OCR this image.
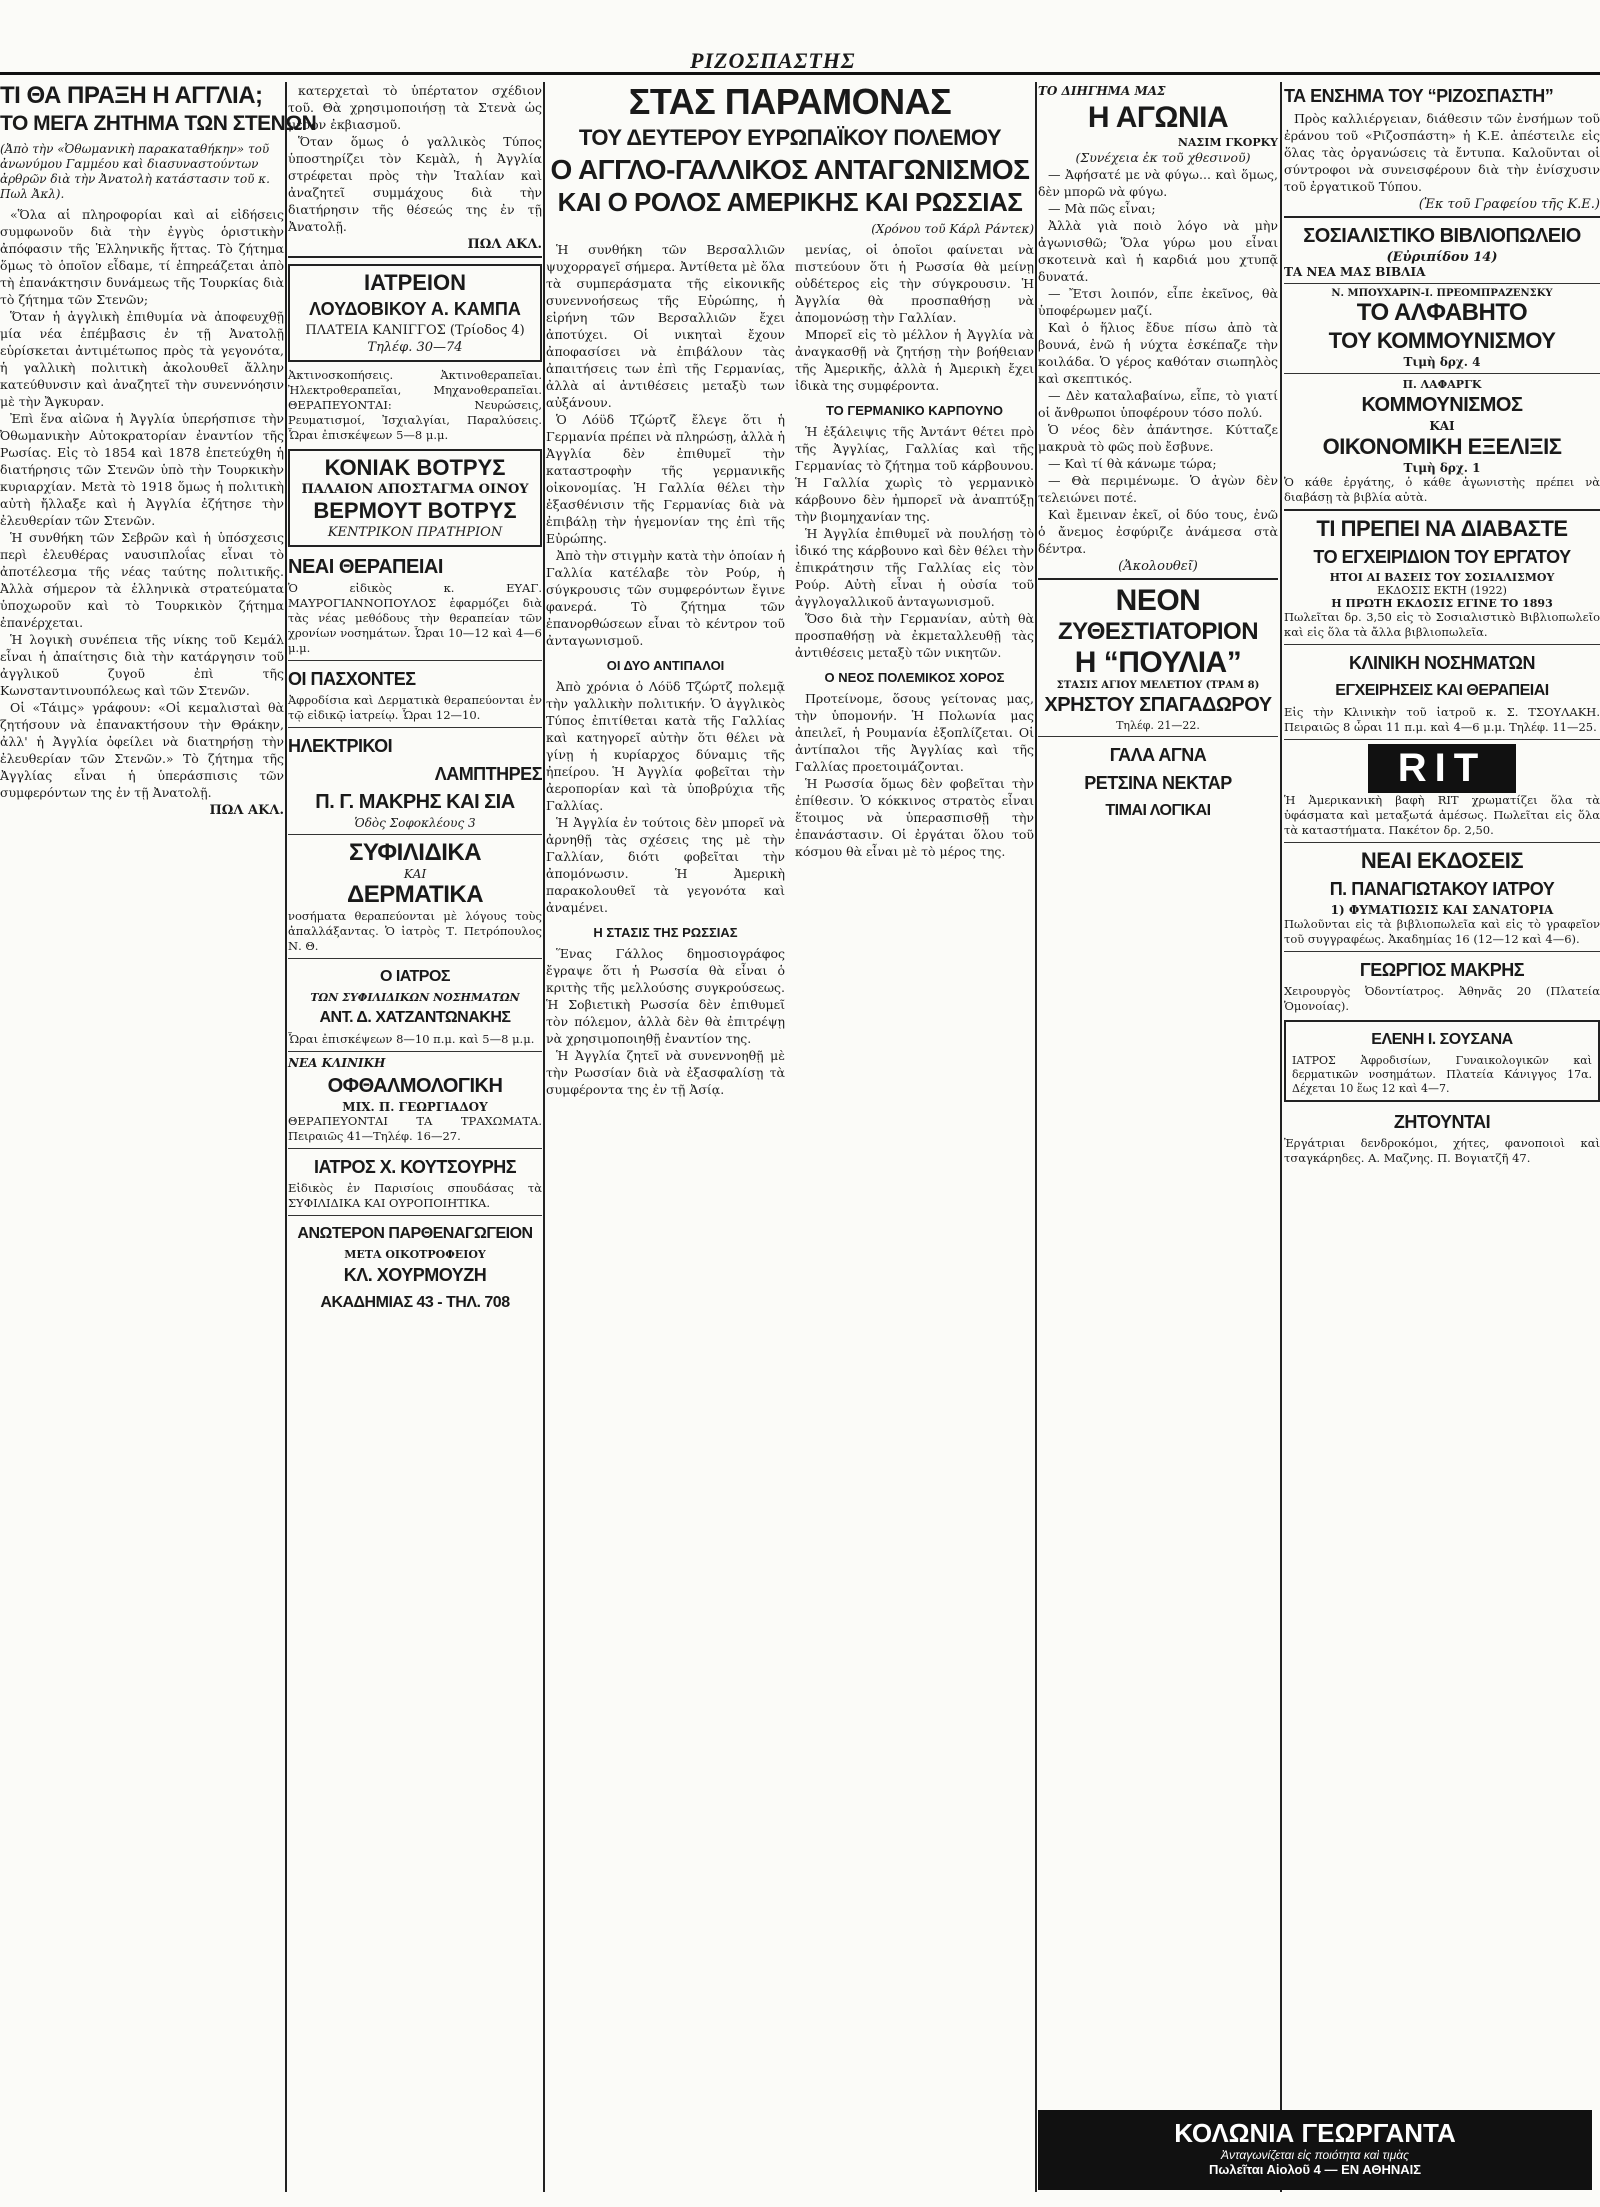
ΡΙΖΟΣΠΑΣΤΗΣ
ΤΙ ΘΑ ΠΡΑΞΗ Η ΑΓΓΛΙΑ;
ΤΟ ΜΕΓΑ ΖΗΤΗΜΑ ΤΩΝ ΣΤΕΝΩΝ
(Ἀπὸ τὴν «Ὀθωμανικὴ παρακαταθήκην» τοῦ ἀνωνύμου Γαμμέου καὶ διασυναστούντων ἀρθρῶν διὰ τὴν Ἀνατολὴ κατάστασιν τοῦ κ. Πωλ Ἀκλ).

«Ὅλα αἱ πληροφορίαι καὶ αἱ εἰδήσεις συμφωνοῦν διὰ τὴν ἐγγὺς ὁριστικὴν ἀπόφασιν τῆς Ἑλληνικῆς ἥττας. Τὸ ζήτημα ὅμως τὸ ὁποῖον εἶδαμε, τί ἐπηρεάζεται ἀπὸ τὴ ἐπανάκτησιν δυνάμεως τῆς Τουρκίας διὰ τὸ ζήτημα τῶν Στενῶν;

Ὅταν ἡ ἀγγλικὴ ἐπιθυμία νὰ ἀποφευχθῇ μία νέα ἐπέμβασις ἐν τῇ Ἀνατολῇ εὑρίσκεται ἀντιμέτωπος πρὸς τὰ γεγονότα, ἡ γαλλικὴ πολιτικὴ ἀκολουθεῖ ἄλλην κατεύθυνσιν καὶ ἀναζητεῖ τὴν συνεννόησιν μὲ τὴν Ἄγκυραν.

Ἐπὶ ἕνα αἰῶνα ἡ Ἀγγλία ὑπερήσπισε τὴν Ὀθωμανικὴν Αὐτοκρατορίαν ἐναντίον τῆς Ρωσίας. Εἰς τὸ 1854 καὶ 1878 ἐπετεύχθη ἡ διατήρησις τῶν Στενῶν ὑπὸ τὴν Τουρκικὴν κυριαρχίαν. Μετὰ τὸ 1918 ὅμως ἡ πολιτικὴ αὐτὴ ἤλλαξε καὶ ἡ Ἀγγλία ἐζήτησε τὴν ἐλευθερίαν τῶν Στενῶν.

Ἡ συνθήκη τῶν Σεβρῶν καὶ ἡ ὑπόσχεσις περὶ ἐλευθέρας ναυσιπλοΐας εἶναι τὸ ἀποτέλεσμα τῆς νέας ταύτης πολιτικῆς. Ἀλλὰ σήμερον τὰ ἑλληνικὰ στρατεύματα ὑποχωροῦν καὶ τὸ Τουρκικὸν ζήτημα ἐπανέρχεται.

Ἡ λογικὴ συνέπεια τῆς νίκης τοῦ Κεμάλ εἶναι ἡ ἀπαίτησις διὰ τὴν κατάργησιν τοῦ ἀγγλικοῦ ζυγοῦ ἐπὶ τῆς Κωνσταντινουπόλεως καὶ τῶν Στενῶν.

Οἱ «Τάιμς» γράφουν: «Οἱ κεμαλισταὶ θὰ ζητήσουν νὰ ἐπανακτήσουν τὴν Θράκην, ἀλλ' ἡ Ἀγγλία ὀφείλει νὰ διατηρήσῃ τὴν ἐλευθερίαν τῶν Στενῶν.» Τὸ ζήτημα τῆς Ἀγγλίας εἶναι ἡ ὑπεράσπισις τῶν συμφερόντων της ἐν τῇ Ἀνατολῇ.

ΠΩΛ ΑΚΛ.

κατερχεταὶ τὸ ὑπέρτατον σχέδιον τοῦ. Θὰ χρησιμοποιήσῃ τὰ Στενὰ ὡς μέσον ἐκβιασμοῦ.

Ὅταν ὅμως ὁ γαλλικὸς Τύπος ὑποστηρίζει τὸν Κεμὰλ, ἡ Ἀγγλία στρέφεται πρὸς τὴν Ἰταλίαν καὶ ἀναζητεῖ συμμάχους διὰ τὴν διατήρησιν τῆς θέσεώς της ἐν τῇ Ἀνατολῇ.

ΠΩΛ ΑΚΛ.
ΙΑΤΡΕΙΟΝ
ΛΟΥΔΟΒΙΚΟΥ Α. ΚΑΜΠΑ
ΠΛΑΤΕΙΑ ΚΑΝΙΓΓΟΣ (Τρίοδος 4)
Τηλέφ. 30—74
Ἀκτινοσκοπήσεις. Ἀκτινοθεραπεῖαι. Ἠλεκτροθεραπεῖαι, Μηχανοθεραπεῖαι. ΘΕΡΑΠΕΥΟΝΤΑΙ: Νευρώσεις, Ρευματισμοί, Ἰσχιαλγίαι, Παραλύσεις. Ὧραι ἐπισκέψεων 5—8 μ.μ.
ΚΟΝΙΑΚ ΒΟΤΡΥΣ
ΠΑΛΑΙΟΝ ΑΠΟΣΤΑΓΜΑ ΟΙΝΟΥ
ΒΕΡΜΟΥΤ ΒΟΤΡΥΣ
ΚΕΝΤΡΙΚΟΝ ΠΡΑΤΗΡΙΟΝ
ΝΕΑΙ ΘΕΡΑΠΕΙΑΙ
Ὁ εἰδικὸς κ. ΕΥΑΓ. ΜΑΥΡΟΓΙΑΝΝΟΠΟΥΛΟΣ ἐφαρμόζει διὰ τὰς νέας μεθόδους τὴν θεραπείαν τῶν χρονίων νοσημάτων. Ὧραι 10—12 καὶ 4—6 μ.μ.
ΟΙ ΠΑΣΧΟΝΤΕΣ
Ἀφροδίσια καὶ Δερματικὰ θεραπεύονται ἐν τῷ εἰδικῷ ἰατρείῳ. Ὧραι 12—10.
ΗΛΕΚΤΡΙΚΟΙ
ΛΑΜΠΤΗΡΕΣ
Π. Γ. ΜΑΚΡΗΣ ΚΑΙ ΣΙΑ
Ὁδὸς Σοφοκλέους 3
ΣΥΦΙΛΙΔΙΚΑ
ΚΑΙ
ΔΕΡΜΑΤΙΚΑ
νοσήματα θεραπεύονται μὲ λόγους τοὺς ἀπαλλάξαντας. Ὁ ἰατρὸς Τ. Πετρόπουλος Ν. Θ.
Ο ΙΑΤΡΟΣ
ΤΩΝ ΣΥΦΙΛΙΔΙΚΩΝ ΝΟΣΗΜΑΤΩΝ
ΑΝΤ. Δ. ΧΑΤΖΑΝΤΩΝΑΚΗΣ
Ὧραι ἐπισκέψεων 8—10 π.μ. καὶ 5—8 μ.μ.
ΝΕΑ ΚΛΙΝΙΚΗ
ΟΦΘΑΛΜΟΛΟΓΙΚΗ
ΜΙΧ. Π. ΓΕΩΡΓΙΑΔΟΥ
ΘΕΡΑΠΕΥΟΝΤΑΙ ΤΑ ΤΡΑΧΩΜΑΤΑ. Πειραιῶς 41—Τηλέφ. 16—27.
ΙΑΤΡΟΣ Χ. ΚΟΥΤΣΟΥΡΗΣ
Εἰδικὸς ἐν Παρισίοις σπουδάσας τὰ ΣΥΦΙΛΙΔΙΚΑ ΚΑΙ ΟΥΡΟΠΟΙΗΤΙΚΑ.
ΑΝΩΤΕΡΟΝ ΠΑΡΘΕΝΑΓΩΓΕΙΟΝ
ΜΕΤΑ ΟΙΚΟΤΡΟΦΕΙΟΥ
ΚΛ. ΧΟΥΡΜΟΥΖΗ
ΑΚΑΔΗΜΙΑΣ 43 - ΤΗΛ. 708
ΣΤΑΣ ΠΑΡΑΜΟΝΑΣ
ΤΟΥ ΔΕΥΤΕΡΟΥ ΕΥΡΩΠΑΪΚΟΥ ΠΟΛΕΜΟΥ
Ο ΑΓΓΛΟ-ΓΑΛΛΙΚΟΣ ΑΝΤΑΓΩΝΙΣΜΟΣ
ΚΑΙ Ο ΡΟΛΟΣ ΑΜΕΡΙΚΗΣ ΚΑΙ ΡΩΣΣΙΑΣ
(Χρόνου τοῦ Κάρλ Ράντεκ)

Ἡ συνθήκη τῶν Βερσαλλιῶν ψυχορραγεῖ σήμερα. Ἀντίθετα μὲ ὅλα τὰ συμπεράσματα τῆς εἰκονικῆς συνεννοήσεως τῆς Εὐρώπης, ἡ εἰρήνη τῶν Βερσαλλιῶν ἔχει ἀποτύχει. Οἱ νικηταὶ ἔχουν ἀποφασίσει νὰ ἐπιβάλουν τὰς ἀπαιτήσεις των ἐπὶ τῆς Γερμανίας, ἀλλὰ αἱ ἀντιθέσεις μεταξὺ των αὐξάνουν.

Ὁ Λόϋδ Τζώρτζ ἔλεγε ὅτι ἡ Γερμανία πρέπει νὰ πληρώσῃ, ἀλλὰ ἡ Ἀγγλία δὲν ἐπιθυμεῖ τὴν καταστροφὴν τῆς γερμανικῆς οἰκονομίας. Ἡ Γαλλία θέλει τὴν ἐξασθένισιν τῆς Γερμανίας διὰ νὰ ἐπιβάλῃ τὴν ἡγεμονίαν της ἐπὶ τῆς Εὐρώπης.

Ἀπὸ τὴν στιγμὴν κατὰ τὴν ὁποίαν ἡ Γαλλία κατέλαβε τὸν Ρούρ, ἡ σύγκρουσις τῶν συμφερόντων ἔγινε φανερά. Τὸ ζήτημα τῶν ἐπανορθώσεων εἶναι τὸ κέντρον τοῦ ἀνταγωνισμοῦ.

ΟΙ ΔΥΟ ΑΝΤΙΠΑΛΟΙ

Ἀπὸ χρόνια ὁ Λόϋδ Τζώρτζ πολεμᾷ τὴν γαλλικὴν πολιτικήν. Ὁ ἀγγλικὸς Τύπος ἐπιτίθεται κατὰ τῆς Γαλλίας καὶ κατηγορεῖ αὐτὴν ὅτι θέλει νὰ γίνῃ ἡ κυρίαρχος δύναμις τῆς ἠπείρου. Ἡ Ἀγγλία φοβεῖται τὴν ἀεροπορίαν καὶ τὰ ὑποβρύχια τῆς Γαλλίας.

Ἡ Ἀγγλία ἐν τούτοις δὲν μπορεῖ νὰ ἀρνηθῇ τὰς σχέσεις της μὲ τὴν Γαλλίαν, διότι φοβεῖται τὴν ἀπομόνωσιν. Ἡ Ἀμερικὴ παρακολουθεῖ τὰ γεγονότα καὶ ἀναμένει.

Η ΣΤΑΣΙΣ ΤΗΣ ΡΩΣΣΙΑΣ

Ἕνας Γάλλος δημοσιογράφος ἔγραψε ὅτι ἡ Ρωσσία θὰ εἶναι ὁ κριτὴς τῆς μελλούσης συγκρούσεως. Ἡ Σοβιετικὴ Ρωσσία δὲν ἐπιθυμεῖ τὸν πόλεμον, ἀλλὰ δὲν θὰ ἐπιτρέψῃ νὰ χρησιμοποιηθῇ ἐναντίον της.

Ἡ Ἀγγλία ζητεῖ νὰ συνεννοηθῇ μὲ τὴν Ρωσσίαν διὰ νὰ ἐξασφαλίσῃ τὰ συμφέροντα της ἐν τῇ Ἀσίᾳ.

μενίας, οἱ ὁποῖοι φαίνεται νὰ πιστεύουν ὅτι ἡ Ρωσσία θὰ μείνῃ οὐδέτερος εἰς τὴν σύγκρουσιν. Ἡ Ἀγγλία θὰ προσπαθήσῃ νὰ ἀπομονώσῃ τὴν Γαλλίαν.

Μπορεῖ εἰς τὸ μέλλον ἡ Ἀγγλία νὰ ἀναγκασθῇ νὰ ζητήσῃ τὴν βοήθειαν τῆς Ἀμερικῆς, ἀλλὰ ἡ Ἀμερικὴ ἔχει ἰδικὰ της συμφέροντα.

ΤΟ ΓΕΡΜΑΝΙΚΟ ΚΑΡΠΟΥΝΟ

Ἡ ἐξάλειψις τῆς Ἀντάντ θέτει πρὸ τῆς Ἀγγλίας, Γαλλίας καὶ τῆς Γερμανίας τὸ ζήτημα τοῦ κάρβουνου. Ἡ Γαλλία χωρὶς τὸ γερμανικὸ κάρβουνο δὲν ἠμπορεῖ νὰ ἀναπτύξῃ τὴν βιομηχανίαν της.

Ἡ Ἀγγλία ἐπιθυμεῖ νὰ πουλήσῃ τὸ ἰδικό της κάρβουνο καὶ δὲν θέλει τὴν ἐπικράτησιν τῆς Γαλλίας εἰς τὸν Ρούρ. Αὐτὴ εἶναι ἡ οὐσία τοῦ ἀγγλογαλλικοῦ ἀνταγωνισμοῦ.

Ὅσο διὰ τὴν Γερμανίαν, αὐτὴ θὰ προσπαθήσῃ νὰ ἐκμεταλλευθῇ τὰς ἀντιθέσεις μεταξὺ τῶν νικητῶν.

Ο ΝΕΟΣ ΠΟΛΕΜΙΚΟΣ ΧΟΡΟΣ

Προτείνομε, ὅσους γείτονας μας, τὴν ὑπομονήν. Ἡ Πολωνία μας ἀπειλεῖ, ἡ Ρουμανία ἐξοπλίζεται. Οἱ ἀντίπαλοι τῆς Ἀγγλίας καὶ τῆς Γαλλίας προετοιμάζονται.

Ἡ Ρωσσία ὅμως δὲν φοβεῖται τὴν ἐπίθεσιν. Ὁ κόκκινος στρατὸς εἶναι ἕτοιμος νὰ ὑπερασπισθῇ τὴν ἐπανάστασιν. Οἱ ἐργάται ὅλου τοῦ κόσμου θὰ εἶναι μὲ τὸ μέρος της.

ΤΟ ΔΙΗΓΗΜΑ ΜΑΣ
Η ΑΓΩΝΙΑ
ΝΑΣΙΜ ΓΚΟΡΚΥ

(Συνέχεια ἐκ τοῦ χθεσινοῦ)

— Ἀφήσατέ με νὰ φύγω... καὶ ὅμως, δὲν μπορῶ νὰ φύγω.

— Μὰ πῶς εἶναι;

Ἀλλὰ γιὰ ποιὸ λόγο νὰ μὴν ἀγωνισθῶ; Ὅλα γύρω μου εἶναι σκοτεινὰ καὶ ἡ καρδιά μου χτυπᾷ δυνατά.

— Ἔτσι λοιπόν, εἶπε ἐκεῖνος, θὰ ὑποφέρωμεν μαζί.

Καὶ ὁ ἥλιος ἔδυε πίσω ἀπὸ τὰ βουνά, ἐνῶ ἡ νύχτα ἐσκέπαζε τὴν κοιλάδα. Ὁ γέρος καθόταν σιωπηλὸς καὶ σκεπτικός.

— Δὲν καταλαβαίνω, εἶπε, τὸ γιατί οἱ ἄνθρωποι ὑποφέρουν τόσο πολύ.

Ὁ νέος δὲν ἀπάντησε. Κύτταζε μακρυὰ τὸ φῶς ποὺ ἔσβυνε.

— Καὶ τί θὰ κάνωμε τώρα;

— Θὰ περιμένωμε. Ὁ ἀγὼν δὲν τελειώνει ποτέ.

Καὶ ἔμειναν ἐκεῖ, οἱ δύο τους, ἐνῶ ὁ ἄνεμος ἐσφύριζε ἀνάμεσα στὰ δέντρα.

(Ἀκολουθεῖ)
ΝΕΟΝ
ΖΥΘΕΣΤΙΑΤΟΡΙΟΝ
Η “ΠΟΥΛΙΑ”
ΣΤΑΣΙΣ ΑΓΙΟΥ ΜΕΛΕΤΙΟΥ (ΤΡΑΜ 8)
ΧΡΗΣΤΟΥ ΣΠΑΓΑΔΩΡΟΥ
Τηλέφ. 21—22.
ΓΑΛΑ ΑΓΝΑ
ΡΕΤΣΙΝΑ ΝΕΚΤΑΡ
ΤΙΜΑΙ ΛΟΓΙΚΑΙ
ΤΑ ΕΝΣΗΜΑ ΤΟΥ “ΡΙΖΟΣΠΑΣΤΗ”

Πρὸς καλλιέργειαν, διάθεσιν τῶν ἐνσήμων τοῦ ἐράνου τοῦ «Ριζοσπάστη» ἡ Κ.Ε. ἀπέστειλε εἰς ὅλας τὰς ὀργανώσεις τὰ ἔντυπα. Καλοῦνται οἱ σύντροφοι νὰ συνεισφέρουν διὰ τὴν ἐνίσχυσιν τοῦ ἐργατικοῦ Τύπου.

(Ἐκ τοῦ Γραφείου τῆς Κ.Ε.)
ΣΟΣΙΑΛΙΣΤΙΚΟ ΒΙΒΛΙΟΠΩΛΕΙΟ
(Εὐριπίδου 14)
ΤΑ ΝΕΑ ΜΑΣ ΒΙΒΛΙΑ
Ν. ΜΠΟΥΧΑΡΙΝ-Ι. ΠΡΕΟΜΠΡΑΖΕΝΣΚΥ
ΤΟ ΑΛΦΑΒΗΤΟ
ΤΟΥ ΚΟΜΜΟΥΝΙΣΜΟΥ
Τιμὴ δρχ. 4
Π. ΛΑΦΑΡΓΚ
ΚΟΜΜΟΥΝΙΣΜΟΣ
ΚΑΙ
ΟΙΚΟΝΟΜΙΚΗ ΕΞΕΛΙΞΙΣ
Τιμὴ δρχ. 1
Ὁ κάθε ἐργάτης, ὁ κάθε ἀγωνιστὴς πρέπει νὰ διαβάσῃ τὰ βιβλία αὐτὰ.
ΤΙ ΠΡΕΠΕΙ ΝΑ ΔΙΑΒΑΣΤΕ
ΤΟ ΕΓΧΕΙΡΙΔΙΟΝ ΤΟΥ ΕΡΓΑΤΟΥ
ΗΤΟΙ ΑΙ ΒΑΣΕΙΣ ΤΟΥ ΣΟΣΙΑΛΙΣΜΟΥ
ΕΚΔΟΣΙΣ ΕΚΤΗ (1922)
Η ΠΡΩΤΗ ΕΚΔΟΣΙΣ ΕΓΙΝΕ ΤΟ 1893
Πωλεῖται δρ. 3,50 εἰς τὸ Σοσιαλιστικὸ Βιβλιοπωλεῖο καὶ εἰς ὅλα τὰ ἄλλα βιβλιοπωλεῖα.
ΚΛΙΝΙΚΗ ΝΟΣΗΜΑΤΩΝ
ΕΓΧΕΙΡΗΣΕΙΣ ΚΑΙ ΘΕΡΑΠΕΙΑΙ
Εἰς τὴν Κλινικὴν τοῦ ἰατροῦ κ. Σ. ΤΣΟΥΛΑΚΗ. Πειραιῶς 8 ὧραι 11 π.μ. καὶ 4—6 μ.μ. Τηλέφ. 11—25.
RIT
Ἡ Ἀμερικανικὴ βαφὴ RIT χρωματίζει ὅλα τὰ ὑφάσματα καὶ μεταξωτά ἀμέσως. Πωλεῖται εἰς ὅλα τὰ καταστήματα. Πακέτον δρ. 2,50.
ΝΕΑΙ ΕΚΔΟΣΕΙΣ
Π. ΠΑΝΑΓΙΩΤΑΚΟΥ ΙΑΤΡΟΥ
1) ΦΥΜΑΤΙΩΣΙΣ ΚΑΙ ΣΑΝΑΤΟΡΙΑ
Πωλοῦνται εἰς τὰ βιβλιοπωλεῖα καὶ εἰς τὸ γραφεῖον τοῦ συγγραφέως. Ἀκαδημίας 16 (12—12 καὶ 4—6).
ΓΕΩΡΓΙΟΣ ΜΑΚΡΗΣ
Χειρουργὸς Ὀδοντίατρος. Ἀθηνᾶς 20 (Πλατεία Ὁμονοίας).
ΕΛΕΝΗ Ι. ΣΟΥΣΑΝΑ
ΙΑΤΡΟΣ Ἀφροδισίων, Γυναικολογικῶν καὶ δερματικῶν νοσημάτων. Πλατεία Κάνιγγος 17α. Δέχεται 10 ἕως 12 καὶ 4—7.
ΖΗΤΟΥΝΤΑΙ
Ἐργάτριαι δενδροκόμοι, χήτες, φανοποιοὶ καὶ τσαγκάρηδες. Α. Μαζνης. Π. Βογιατζῆ 47.
ΚΟΛΩΝΙΑ ΓΕΩΡΓΑΝΤΑ
Ἀνταγωνίζεται εἰς ποιότητα καὶ τιμὰς
Πωλεῖται Αἰολοῦ 4 — ΕΝ ΑΘΗΝΑΙΣ
